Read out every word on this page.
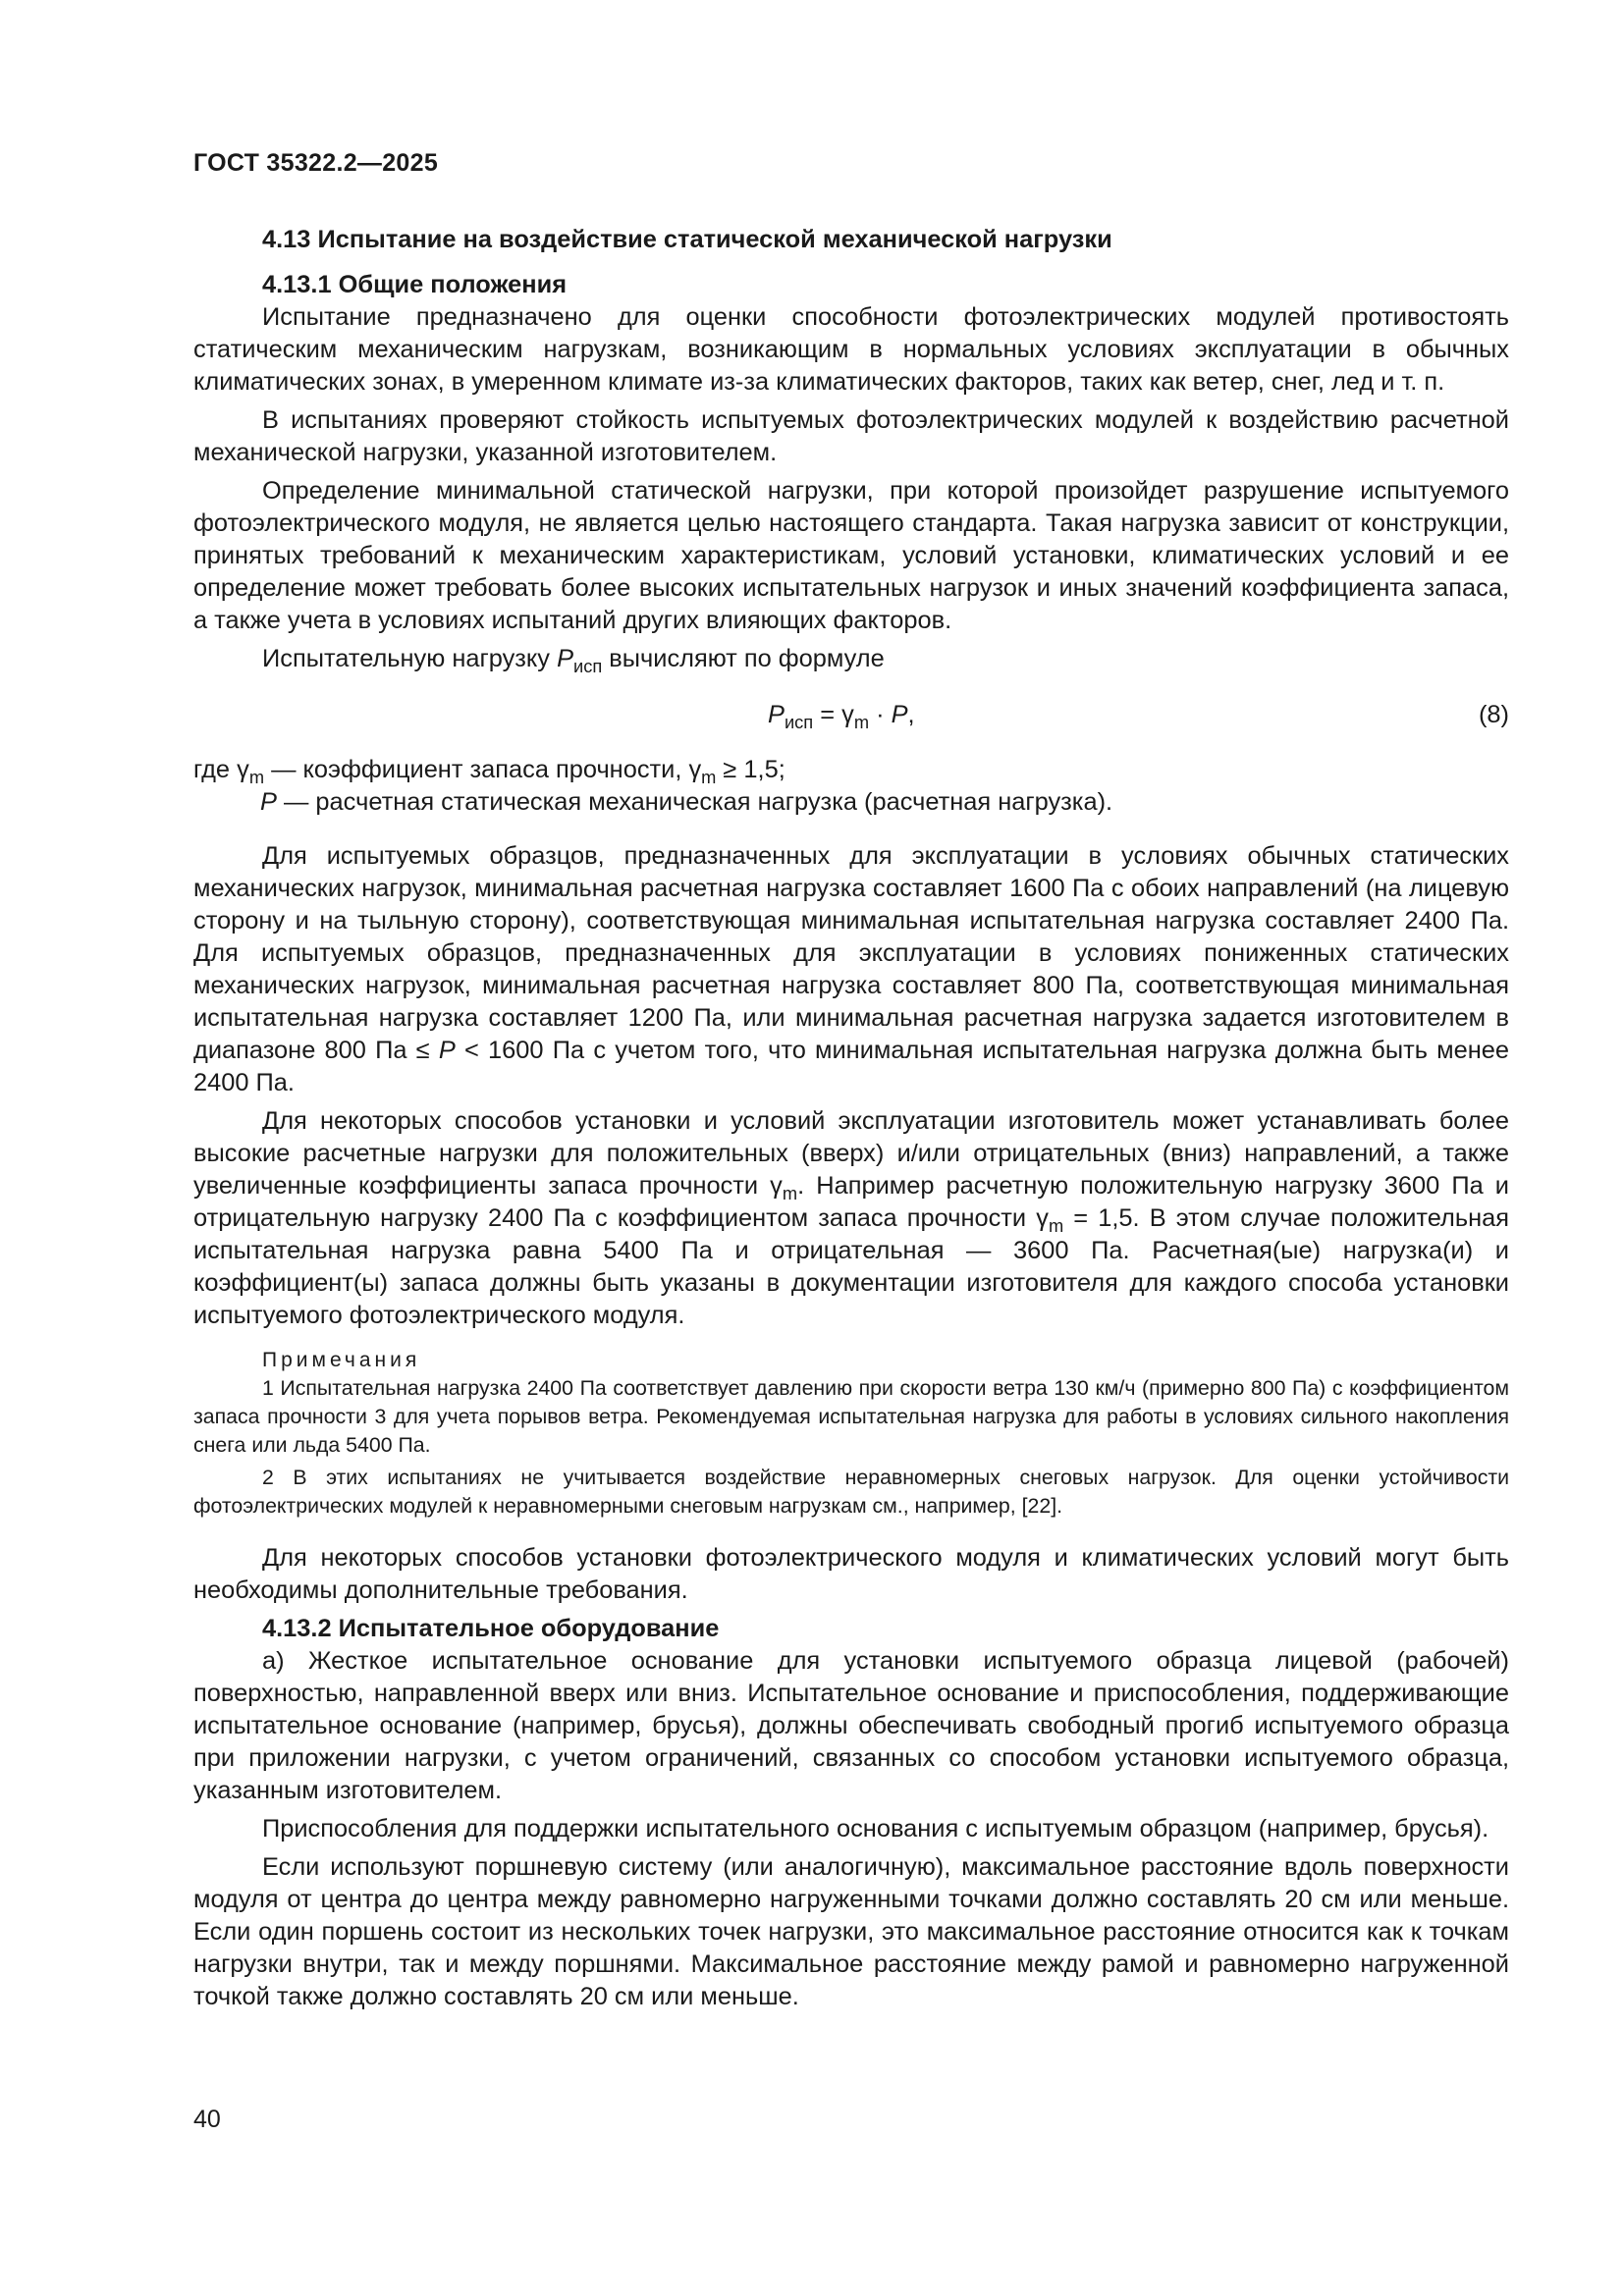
ГОСТ 35322.2—2025
4.13 Испытание на воздействие статической механической нагрузки
4.13.1 Общие положения

Испытание предназначено для оценки способности фотоэлектрических модулей противостоять статическим механическим нагрузкам, возникающим в нормальных условиях эксплуатации в обычных климатических зонах, в умеренном климате из-за климатических факторов, таких как ветер, снег, лед и т. п.

В испытаниях проверяют стойкость испытуемых фотоэлектрических модулей к воздействию расчетной механической нагрузки, указанной изготовителем.

Определение минимальной статической нагрузки, при которой произойдет разрушение испытуемого фотоэлектрического модуля, не является целью настоящего стандарта. Такая нагрузка зависит от конструкции, принятых требований к механическим характеристикам, условий установки, климатических условий и ее определение может требовать более высоких испытательных нагрузок и иных значений коэффициента запаса, а также учета в условиях испытаний других влияющих факторов.

Испытательную нагрузку $P_{исп}$ вычисляют по формуле

$P_{исп} = \gamma_m \cdot P$,	(8)

где $\gamma_m$ — коэффициент запаса прочности, $\gamma_m \ge 1,5$;

P — расчетная статическая механическая нагрузка (расчетная нагрузка).

Для испытуемых образцов, предназначенных для эксплуатации в условиях обычных статических механических нагрузок, минимальная расчетная нагрузка составляет 1600 Па с обоих направлений (на лицевую сторону и на тыльную сторону), соответствующая минимальная испытательная нагрузка составляет 2400 Па. Для испытуемых образцов, предназначенных для эксплуатации в условиях пониженных статических механических нагрузок, минимальная расчетная нагрузка составляет 800 Па, соответствующая минимальная испытательная нагрузка составляет 1200 Па, или минимальная расчетная нагрузка задается изготовителем в диапазоне 800 Па ≤ P < 1600 Па с учетом того, что минимальная испытательная нагрузка должна быть менее 2400 Па.

Для некоторых способов установки и условий эксплуатации изготовитель может устанавливать более высокие расчетные нагрузки для положительных (вверх) и/или отрицательных (вниз) направлений, а также увеличенные коэффициенты запаса прочности $\gamma_m$. Например расчетную положительную нагрузку 3600 Па и отрицательную нагрузку 2400 Па с коэффициентом запаса прочности $\gamma_m = 1,5$. В этом случае положительная испытательная нагрузка равна 5400 Па и отрицательная — 3600 Па. Расчетная(ые) нагрузка(и) и коэффициент(ы) запаса должны быть указаны в документации изготовителя для каждого способа установки испытуемого фотоэлектрического модуля.

Примечания

1 Испытательная нагрузка 2400 Па соответствует давлению при скорости ветра 130 км/ч (примерно 800 Па) с коэффициентом запаса прочности 3 для учета порывов ветра. Рекомендуемая испытательная нагрузка для работы в условиях сильного накопления снега или льда 5400 Па.

2 В этих испытаниях не учитывается воздействие неравномерных снеговых нагрузок. Для оценки устойчивости фотоэлектрических модулей к неравномерными снеговым нагрузкам см., например, [22].

Для некоторых способов установки фотоэлектрического модуля и климатических условий могут быть необходимы дополнительные требования.

4.13.2 Испытательное оборудование

а) Жесткое испытательное основание для установки испытуемого образца лицевой (рабочей) поверхностью, направленной вверх или вниз. Испытательное основание и приспособления, поддерживающие испытательное основание (например, брусья), должны обеспечивать свободный прогиб испытуемого образца при приложении нагрузки, с учетом ограничений, связанных со способом установки испытуемого образца, указанным изготовителем.

Приспособления для поддержки испытательного основания с испытуемым образцом (например, брусья).

Если используют поршневую систему (или аналогичную), максимальное расстояние вдоль поверхности модуля от центра до центра между равномерно нагруженными точками должно составлять 20 см или меньше. Если один поршень состоит из нескольких точек нагрузки, это максимальное расстояние относится как к точкам нагрузки внутри, так и между поршнями. Максимальное расстояние между рамой и равномерно нагруженной точкой также должно составлять 20 см или меньше.

40
